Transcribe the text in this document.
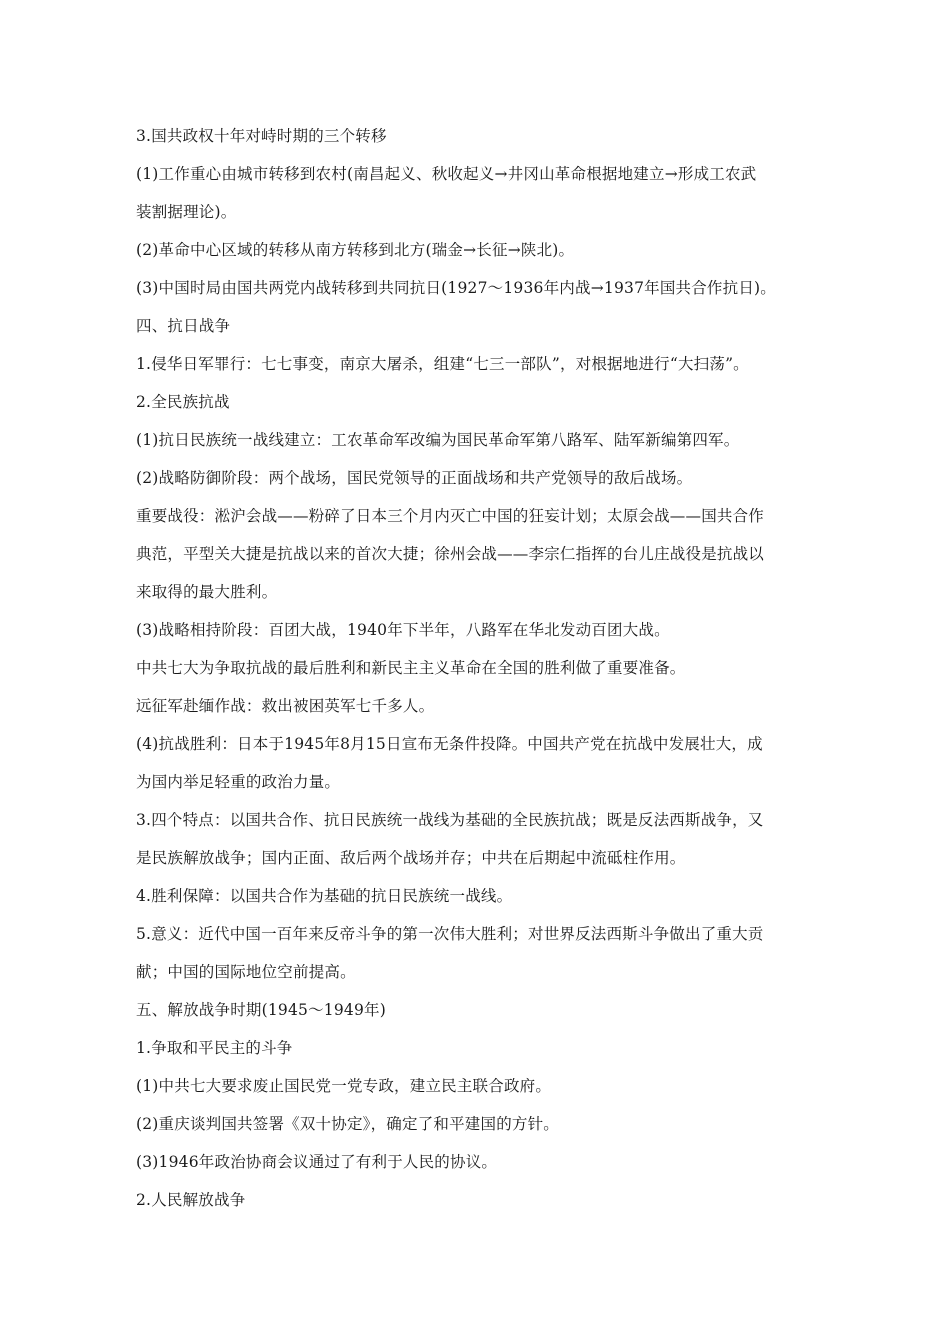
3.国共政权十年对峙时期的三个转移
(1)工作重心由城市转移到农村(南昌起义、秋收起义→井冈山革命根据地建立→形成工农武
装割据理论)。
(2)革命中心区域的转移从南方转移到北方(瑞金→长征→陕北)。
(3)中国时局由国共两党内战转移到共同抗日(1927～1936年内战→1937年国共合作抗日)。
四、抗日战争
1.侵华日军罪行：七七事变，南京大屠杀，组建“七三一部队”，对根据地进行“大扫荡”。
2.全民族抗战
(1)抗日民族统一战线建立：工农革命军改编为国民革命军第八路军、陆军新编第四军。
(2)战略防御阶段：两个战场，国民党领导的正面战场和共产党领导的敌后战场。
重要战役：淞沪会战——粉碎了日本三个月内灭亡中国的狂妄计划；太原会战——国共合作
典范，平型关大捷是抗战以来的首次大捷；徐州会战——李宗仁指挥的台儿庄战役是抗战以
来取得的最大胜利。
(3)战略相持阶段：百团大战，1940年下半年，八路军在华北发动百团大战。
中共七大为争取抗战的最后胜利和新民主主义革命在全国的胜利做了重要准备。
远征军赴缅作战：救出被困英军七千多人。
(4)抗战胜利：日本于1945年8月15日宣布无条件投降。中国共产党在抗战中发展壮大，成
为国内举足轻重的政治力量。
3.四个特点：以国共合作、抗日民族统一战线为基础的全民族抗战；既是反法西斯战争，又
是民族解放战争；国内正面、敌后两个战场并存；中共在后期起中流砥柱作用。
4.胜利保障：以国共合作为基础的抗日民族统一战线。
5.意义：近代中国一百年来反帝斗争的第一次伟大胜利；对世界反法西斯斗争做出了重大贡
献；中国的国际地位空前提高。
五、解放战争时期(1945～1949年)
1.争取和平民主的斗争
(1)中共七大要求废止国民党一党专政，建立民主联合政府。
(2)重庆谈判国共签署《双十协定》，确定了和平建国的方针。
(3)1946年政治协商会议通过了有利于人民的协议。
2.人民解放战争
